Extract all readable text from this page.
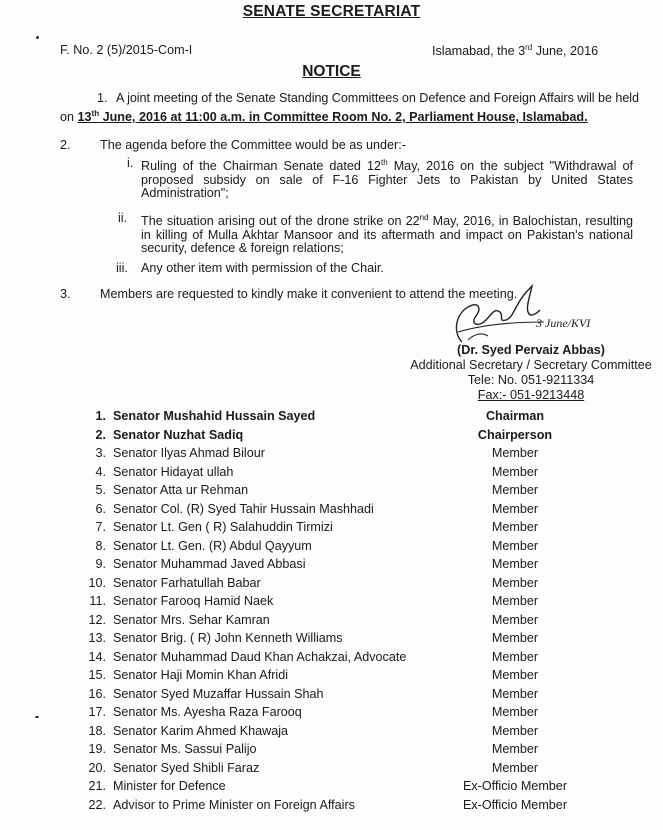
SENATE SECRETARIAT
F. No. 2 (5)/2015-Com-I	Islamabad, the 3rd June, 2016
NOTICE
1. A joint meeting of the Senate Standing Committees on Defence and Foreign Affairs will be held
on 13th June, 2016 at 11:00 a.m. in Committee Room No. 2, Parliament House, Islamabad.
2. The agenda before the Committee would be as under:-
i. Ruling of the Chairman Senate dated 12th May, 2016 on the subject "Withdrawal of proposed subsidy on sale of F-16 Fighter Jets to Pakistan by United States Administration";
ii. The situation arising out of the drone strike on 22nd May, 2016, in Balochistan, resulting in killing of Mulla Akhtar Mansoor and its aftermath and impact on Pakistan's national security, defence & foreign relations;
iii. Any other item with permission of the Chair.
3. Members are requested to kindly make it convenient to attend the meeting.
3 June/KVI
(Dr. Syed Pervaiz Abbas)
Additional Secretary / Secretary Committee
Tele: No. 051-9211334
Fax:- 051-9213448
1. Senator Mushahid Hussain Sayed	Chairman
2. Senator Nuzhat Sadiq	Chairperson
3. Senator Ilyas Ahmad Bilour	Member
4. Senator Hidayat ullah	Member
5. Senator Atta ur Rehman	Member
6. Senator Col. (R) Syed Tahir Hussain Mashhadi	Member
7. Senator Lt. Gen ( R) Salahuddin Tirmizi	Member
8. Senator Lt. Gen. (R) Abdul Qayyum	Member
9. Senator Muhammad Javed Abbasi	Member
10. Senator Farhatullah Babar	Member
11. Senator Farooq Hamid Naek	Member
12. Senator Mrs. Sehar Kamran	Member
13. Senator Brig. ( R) John Kenneth Williams	Member
14. Senator Muhammad Daud Khan Achakzai, Advocate	Member
15. Senator Haji Momin Khan Afridi	Member
16. Senator Syed Muzaffar Hussain Shah	Member
17. Senator Ms. Ayesha Raza Farooq	Member
18. Senator Karim Ahmed Khawaja	Member
19. Senator Ms. Sassui Palijo	Member
20. Senator Syed Shibli Faraz	Member
21. Minister for Defence	Ex-Officio Member
22. Advisor to Prime Minister on Foreign Affairs	Ex-Officio Member
